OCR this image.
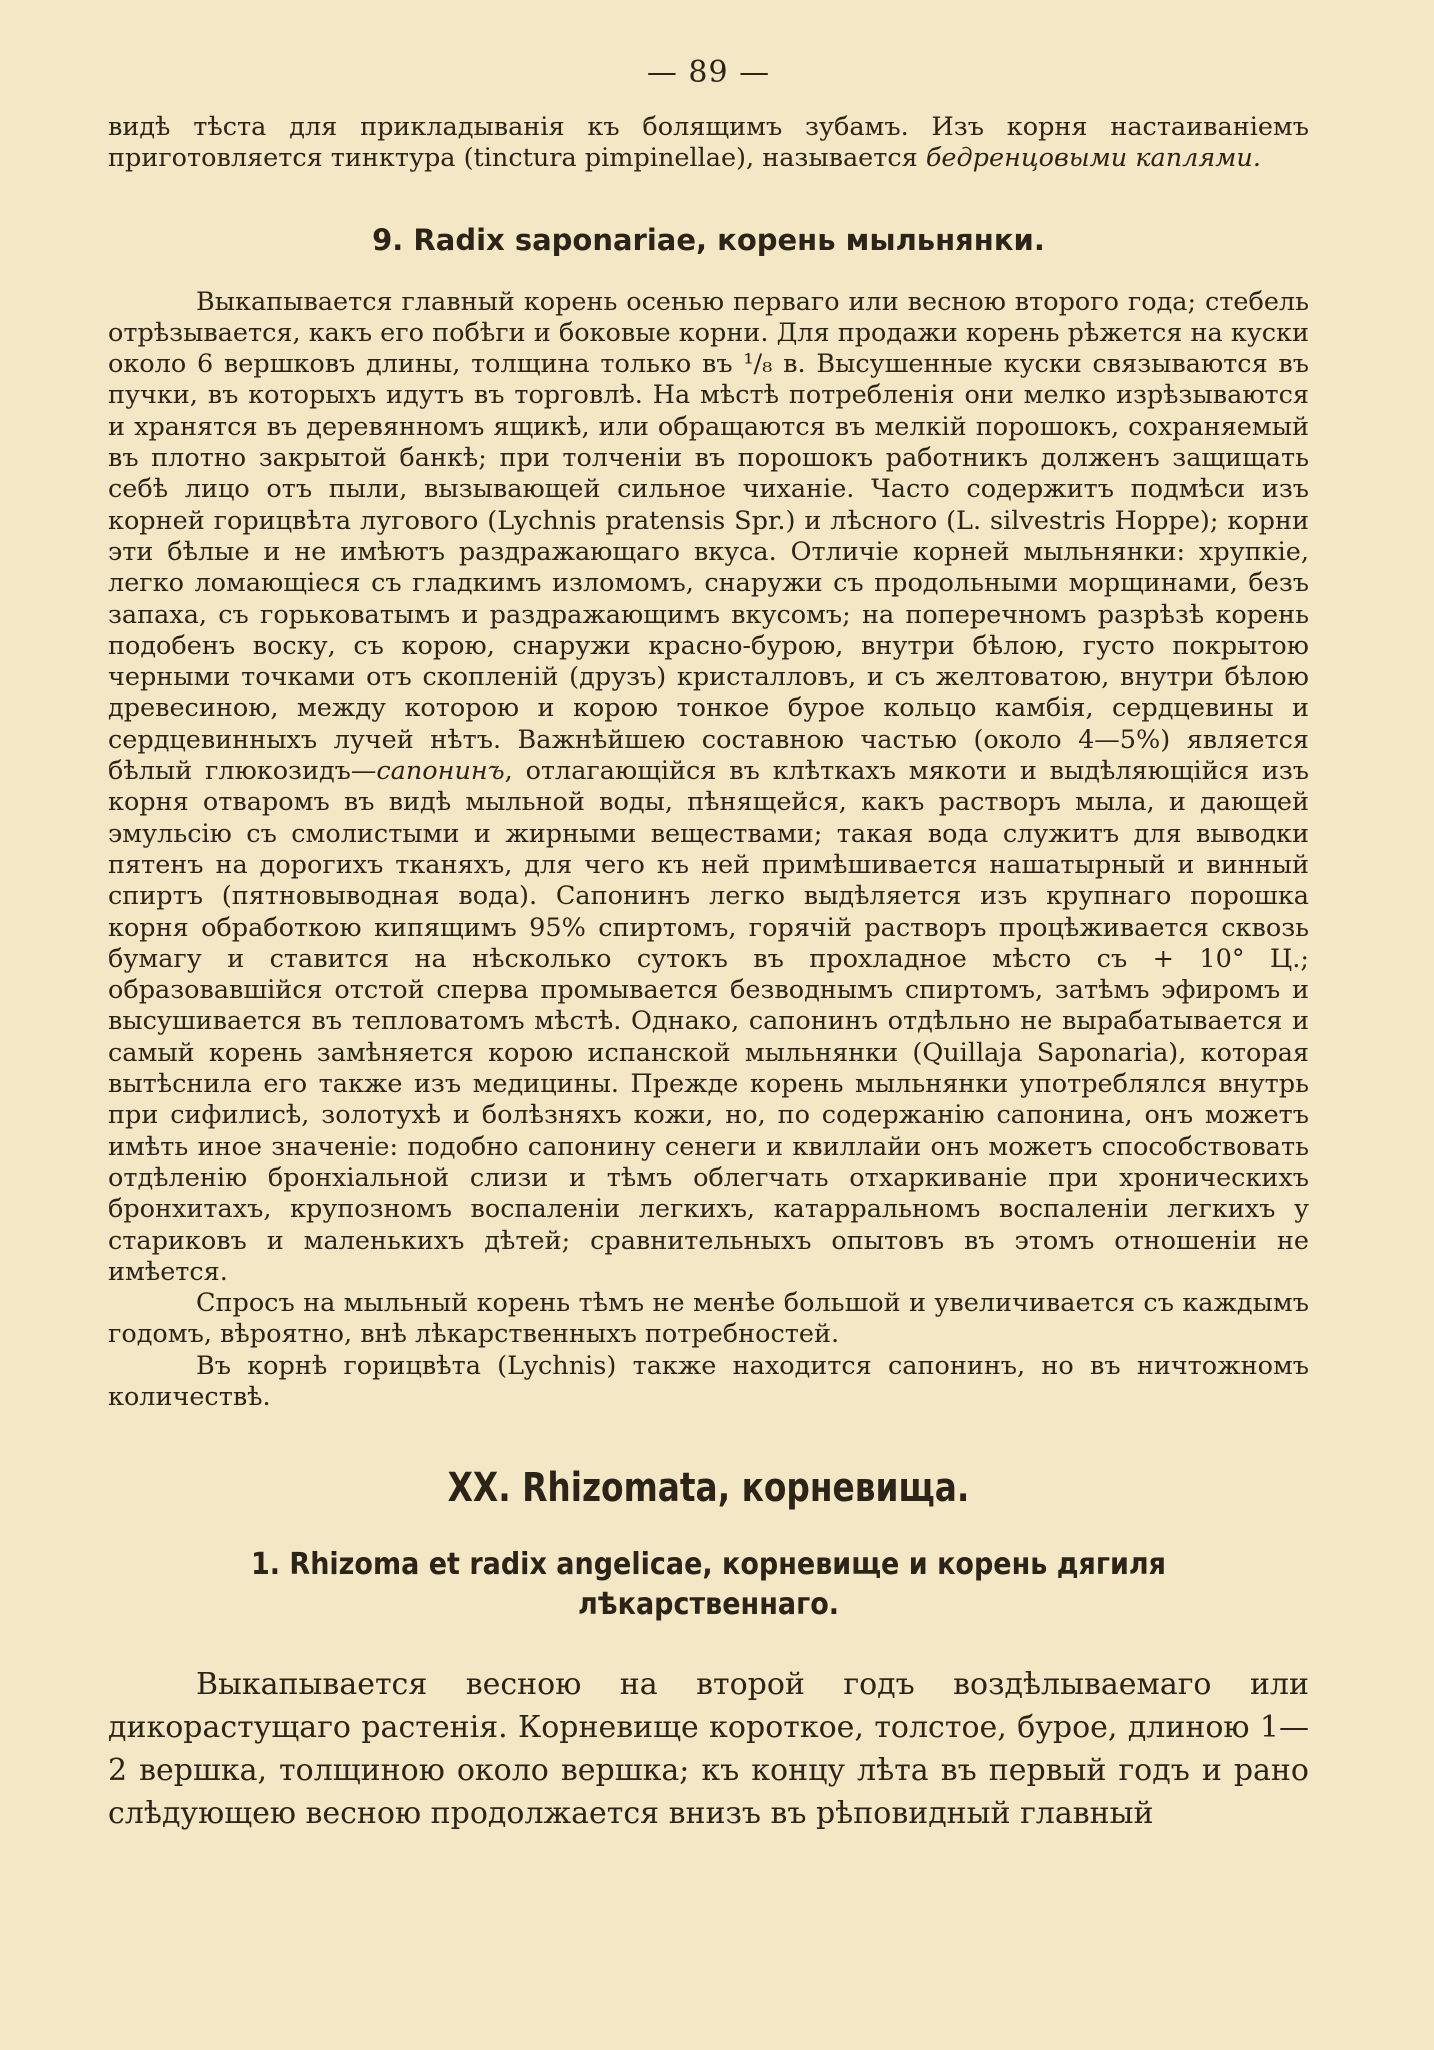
— 89 —

видѣ тѣста для прикладыванія къ болящимъ зубамъ. Изъ корня настаиваніемъ приготовляется тинктура (tinctura pimpinellae), называется бедренцовыми каплями.

9. Radix saponariae, корень мыльнянки.

Выкапывается главный корень осенью перваго или весною второго года; стебель отрѣзывается, какъ его побѣги и боковые корни. Для продажи корень рѣжется на куски около 6 вершковъ длины, толщина только въ ¹/₈ в. Высушенные куски связываются въ пучки, въ которыхъ идутъ въ торговлѣ. На мѣстѣ потребленія они мелко изрѣзываются и хранятся въ деревянномъ ящикѣ, или обращаются въ мелкій порошокъ, сохраняемый въ плотно закрытой банкѣ; при толченіи въ порошокъ работникъ долженъ защищать себѣ лицо отъ пыли, вызывающей сильное чиханіе. Часто содержитъ подмѣси изъ корней горицвѣта лугового (Lychnis pratensis Spr.) и лѣсного (L. silvestris Hoppe); корни эти бѣлые и не имѣютъ раздражающаго вкуса. Отличіе корней мыльнянки: хрупкіе, легко ломающіеся съ гладкимъ изломомъ, снаружи съ продольными морщинами, безъ запаха, съ горьковатымъ и раздражающимъ вкусомъ; на поперечномъ разрѣзѣ корень подобенъ воску, съ корою, снаружи красно-бурою, внутри бѣлою, густо покрытою черными точками отъ скопленій (друзъ) кристалловъ, и съ желтоватою, внутри бѣлою древесиною, между которою и корою тонкое бурое кольцо камбія, сердцевины и сердцевинныхъ лучей нѣтъ. Важнѣйшею составною частью (около 4—5%) является бѣлый глюкозидъ—сапонинъ, отлагающійся въ клѣткахъ мякоти и выдѣляющійся изъ корня отваромъ въ видѣ мыльной воды, пѣнящейся, какъ растворъ мыла, и дающей эмульсію съ смолистыми и жирными веществами; такая вода служитъ для выводки пятенъ на дорогихъ тканяхъ, для чего къ ней примѣшивается нашатырный и винный спиртъ (пятновыводная вода). Сапонинъ легко выдѣляется изъ крупнаго порошка корня обработкою кипящимъ 95% спиртомъ, горячій растворъ процѣживается сквозь бумагу и ставится на нѣсколько сутокъ въ прохладное мѣсто съ + 10° Ц.; образовавшійся отстой сперва промывается безводнымъ спиртомъ, затѣмъ эфиромъ и высушивается въ тепловатомъ мѣстѣ. Однако, сапонинъ отдѣльно не вырабатывается и самый корень замѣняется корою испанской мыльнянки (Quillaja Saponaria), которая вытѣснила его также изъ медицины. Прежде корень мыльнянки употреблялся внутрь при сифилисѣ, золотухѣ и болѣзняхъ кожи, но, по содержанію сапонина, онъ можетъ имѣть иное значеніе: подобно сапонину сенеги и квиллайи онъ можетъ способствовать отдѣленію бронхіальной слизи и тѣмъ облегчать отхаркиваніе при хроническихъ бронхитахъ, крупозномъ воспаленіи легкихъ, катарральномъ воспаленіи легкихъ у стариковъ и маленькихъ дѣтей; сравнительныхъ опытовъ въ этомъ отношеніи не имѣется.

Спросъ на мыльный корень тѣмъ не менѣе большой и увеличивается съ каждымъ годомъ, вѣроятно, внѣ лѣкарственныхъ потребностей.

Въ корнѣ горицвѣта (Lychnis) также находится сапонинъ, но въ ничтожномъ количествѣ.

XX. Rhizomata, корневища.
1. Rhizoma et radix angelicae, корневище и корень дягиля
лѣкарственнаго.

Выкапывается весною на второй годъ воздѣлываемаго или дикорастущаго растенія. Корневище короткое, толстое, бурое, длиною 1—2 вершка, толщиною около вершка; къ концу лѣта въ первый годъ и рано слѣдующею весною продолжается внизъ въ рѣповидный главный
